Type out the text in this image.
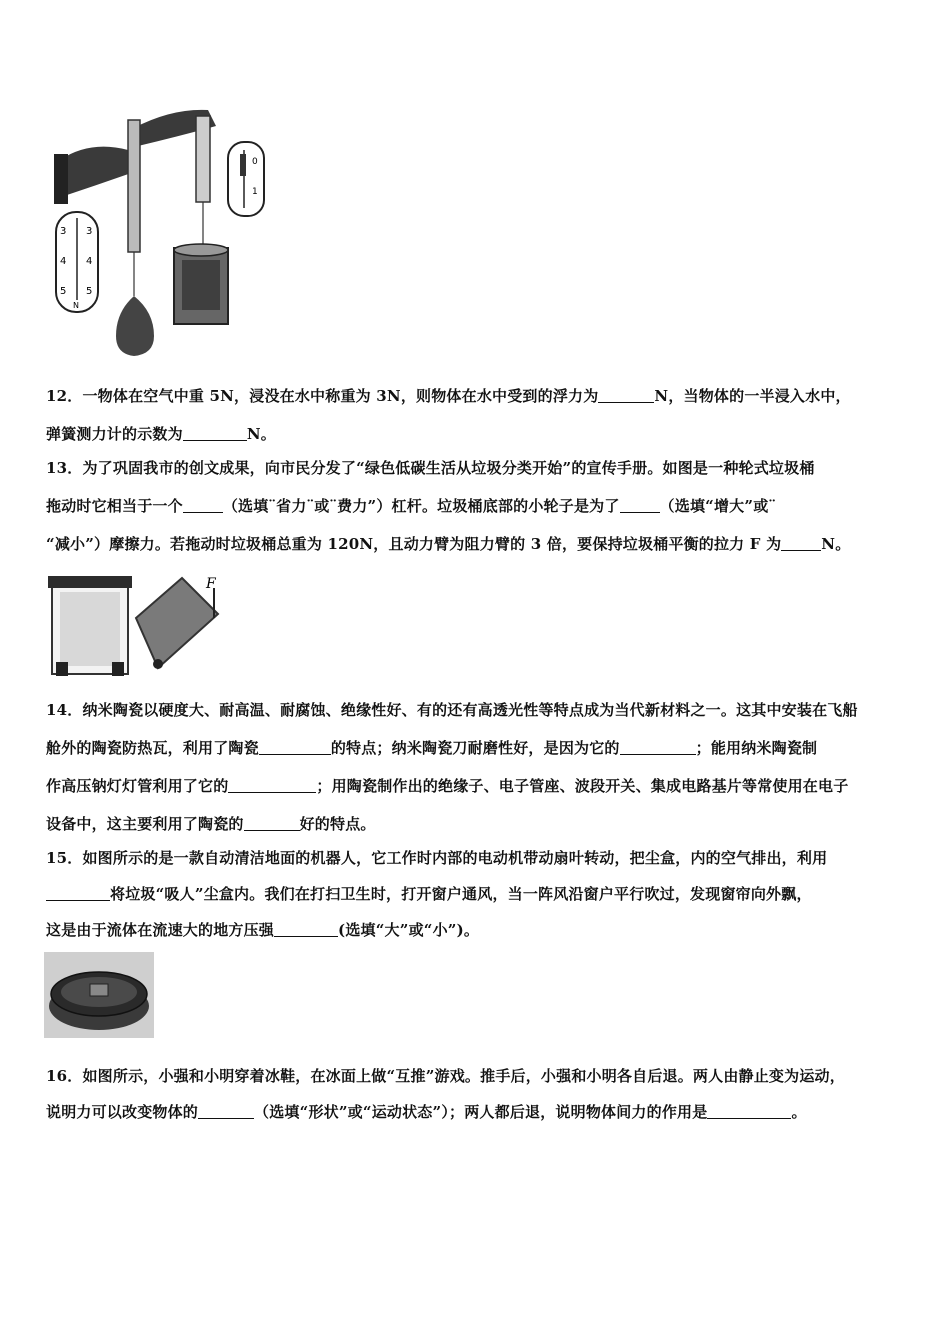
3 3
4 4
5 5
N
0
1
12．一物体在空气中重 5N，浸没在水中称重为 3N，则物体在水中受到的浮力为	N，当物体的一半浸入水中，
弹簧测力计的示数为	N。
13．为了巩固我市的创文成果，向市民分发了“绿色低碳生活从垃圾分类开始”的宣传手册。如图是一种轮式垃圾桶
拖动时它相当于一个	（选填¨省力¨或¨费力”）杠杆。垃圾桶底部的小轮子是为了	（选填“增大”或¨
“减小”）摩擦力。若拖动时垃圾桶总重为 120N，且动力臂为阻力臂的 3 倍，要保持垃圾桶平衡的拉力 F 为	N。
F
14．纳米陶瓷以硬度大、耐高温、耐腐蚀、绝缘性好、有的还有高透光性等特点成为当代新材料之一。这其中安装在飞船
舱外的陶瓷防热瓦，利用了陶瓷	的特点；纳米陶瓷刀耐磨性好，是因为它的	；能用纳米陶瓷制
作高压钠灯灯管利用了它的	；用陶瓷制作出的绝缘子、电子管座、波段开关、集成电路基片等常使用在电子
设备中，这主要利用了陶瓷的	好的特点。
15．如图所示的是一款自动清洁地面的机器人，它工作时内部的电动机带动扇叶转动，把尘盒，内的空气排出，利用
将垃圾“吸人”尘盒内。我们在打扫卫生时，打开窗户通风，当一阵风沿窗户平行吹过，发现窗帘向外飘，
这是由于流体在流速大的地方压强	(选填“大”或“小”)。
16．如图所示，小强和小明穿着冰鞋，在冰面上做“互推”游戏。推手后，小强和小明各自后退。两人由静止变为运动，
说明力可以改变物体的	（选填“形状”或“运动状态”）；两人都后退，说明物体间力的作用是	。
